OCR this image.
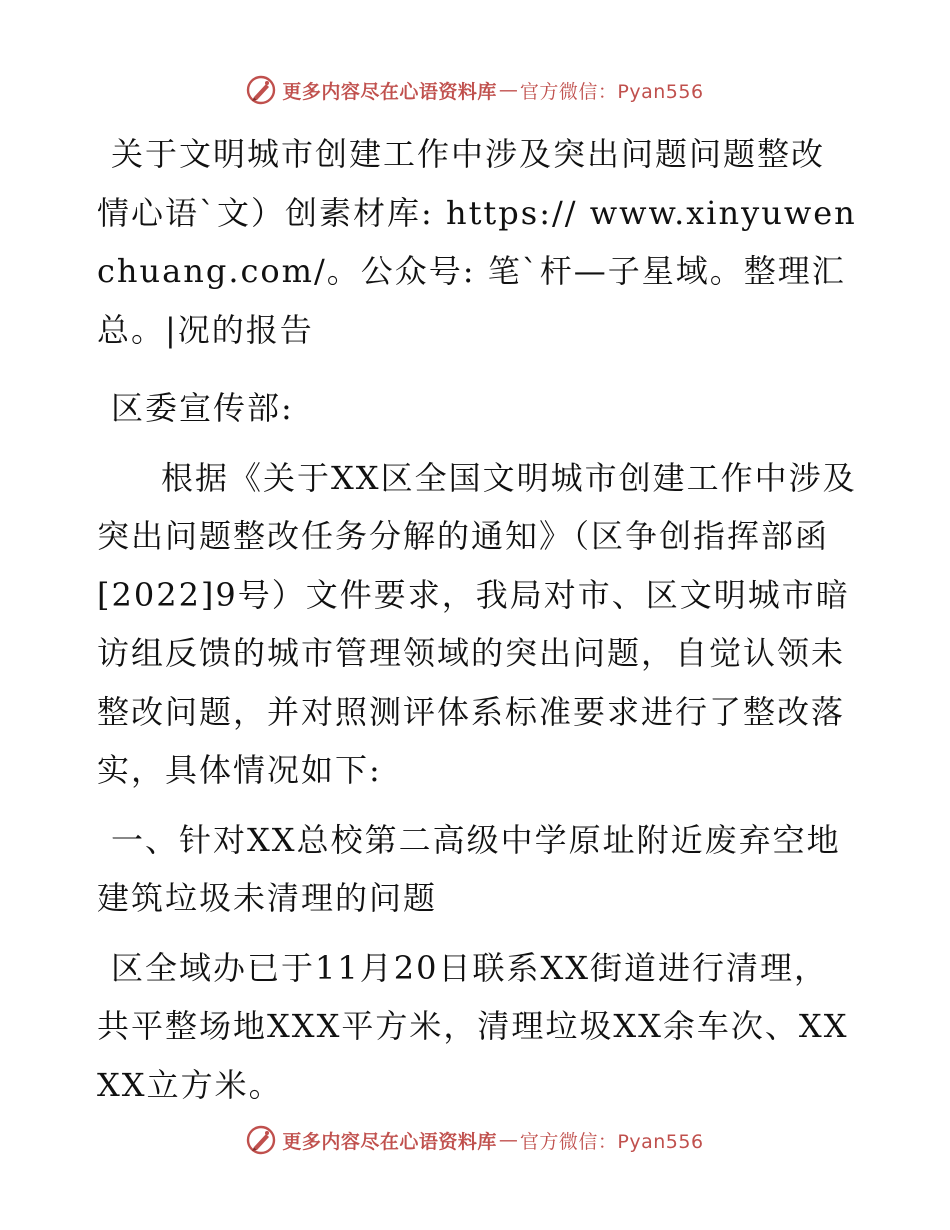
更多内容尽在心语资料库 — 官方微信：Pyan556

关于文明城市创建工作中涉及突出问题问题整改情心语`文）创素材库: https:// www.xinyuwenchuang.com/。公众号: 笔`杆—子星域。整理汇总。|况的报告

区委宣传部:

根据《关于XX区全国文明城市创建工作中涉及突出问题整改任务分解的通知》（区争创指挥部函[2022]9号）文件要求，我局对市、区文明城市暗访组反馈的城市管理领域的突出问题，自觉认领未整改问题，并对照测评体系标准要求进行了整改落实，具体情况如下:

一、针对XX总校第二高级中学原址附近废弃空地建筑垃圾未清理的问题

区全域办已于11月20日联系XX街道进行清理，共平整场地XXX平方米，清理垃圾XX余车次、XXXX立方米。

更多内容尽在心语资料库 — 官方微信：Pyan556
